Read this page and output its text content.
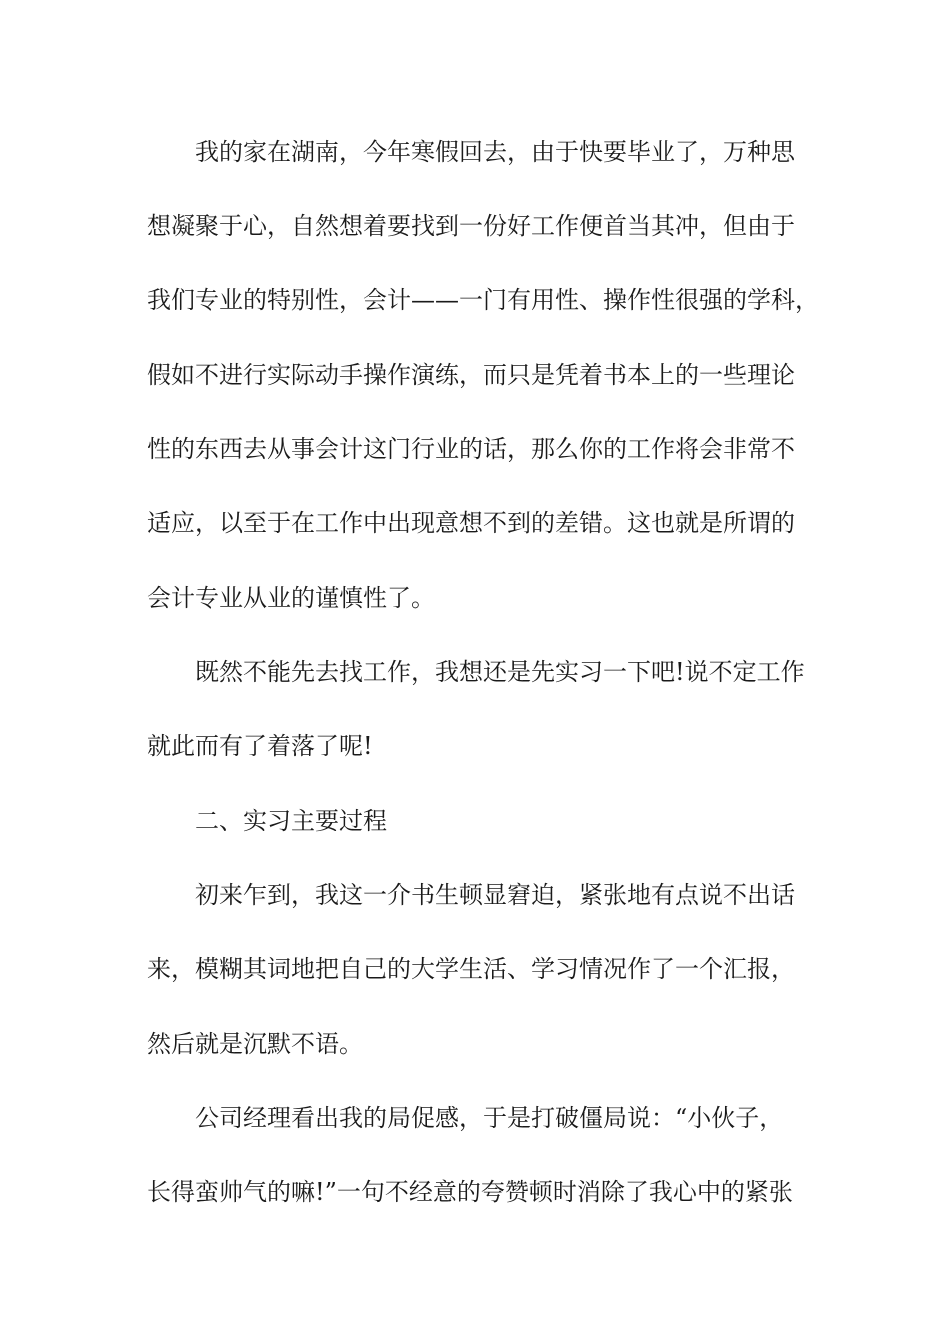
我的家在湖南，今年寒假回去，由于快要毕业了，万种思
想凝聚于心，自然想着要找到一份好工作便首当其冲，但由于
我们专业的特别性，会计——一门有用性、操作性很强的学科，
假如不进行实际动手操作演练，而只是凭着书本上的一些理论
性的东西去从事会计这门行业的话，那么你的工作将会非常不
适应，以至于在工作中出现意想不到的差错。这也就是所谓的
会计专业从业的谨慎性了。
既然不能先去找工作，我想还是先实习一下吧!说不定工作
就此而有了着落了呢!
二、实习主要过程
初来乍到，我这一介书生顿显窘迫，紧张地有点说不出话
来，模糊其词地把自己的大学生活、学习情况作了一个汇报，
然后就是沉默不语。
公司经理看出我的局促感，于是打破僵局说：“小伙子，
长得蛮帅气的嘛!”一句不经意的夸赞顿时消除了我心中的紧张
